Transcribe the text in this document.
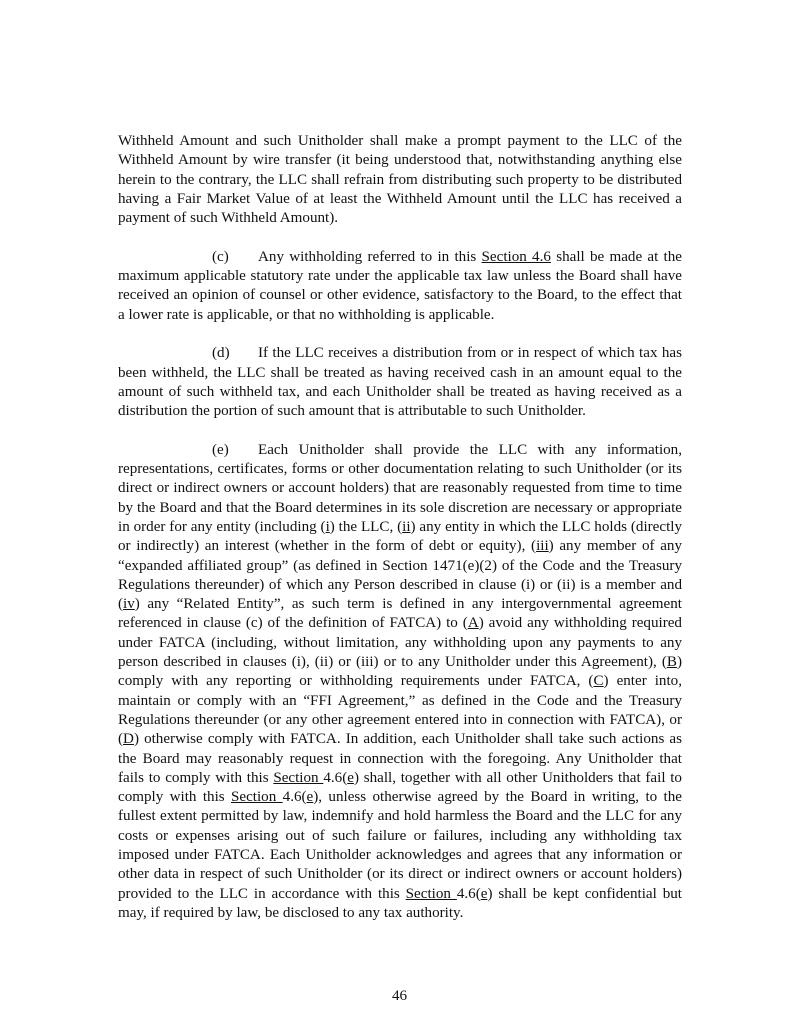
Withheld Amount and such Unitholder shall make a prompt payment to the LLC of the Withheld Amount by wire transfer (it being understood that, notwithstanding anything else herein to the contrary, the LLC shall refrain from distributing such property to be distributed having a Fair Market Value of at least the Withheld Amount until the LLC has received a payment of such Withheld Amount).

(c) Any withholding referred to in this Section 4.6 shall be made at the maximum applicable statutory rate under the applicable tax law unless the Board shall have received an opinion of counsel or other evidence, satisfactory to the Board, to the effect that a lower rate is applicable, or that no withholding is applicable.

(d) If the LLC receives a distribution from or in respect of which tax has been withheld, the LLC shall be treated as having received cash in an amount equal to the amount of such withheld tax, and each Unitholder shall be treated as having received as a distribution the portion of such amount that is attributable to such Unitholder.

(e) Each Unitholder shall provide the LLC with any information, representations, certificates, forms or other documentation relating to such Unitholder (or its direct or indirect owners or account holders) that are reasonably requested from time to time by the Board and that the Board determines in its sole discretion are necessary or appropriate in order for any entity (including (i) the LLC, (ii) any entity in which the LLC holds (directly or indirectly) an interest (whether in the form of debt or equity), (iii) any member of any “expanded affiliated group” (as defined in Section 1471(e)(2) of the Code and the Treasury Regulations thereunder) of which any Person described in clause (i) or (ii) is a member and (iv) any “Related Entity”, as such term is defined in any intergovernmental agreement referenced in clause (c) of the definition of FATCA) to (A) avoid any withholding required under FATCA (including, without limitation, any withholding upon any payments to any person described in clauses (i), (ii) or (iii) or to any Unitholder under this Agreement), (B) comply with any reporting or withholding requirements under FATCA, (C) enter into, maintain or comply with an “FFI Agreement,” as defined in the Code and the Treasury Regulations thereunder (or any other agreement entered into in connection with FATCA), or (D) otherwise comply with FATCA. In addition, each Unitholder shall take such actions as the Board may reasonably request in connection with the foregoing. Any Unitholder that fails to comply with this Section 4.6(e) shall, together with all other Unitholders that fail to comply with this Section 4.6(e), unless otherwise agreed by the Board in writing, to the fullest extent permitted by law, indemnify and hold harmless the Board and the LLC for any costs or expenses arising out of such failure or failures, including any withholding tax imposed under FATCA. Each Unitholder acknowledges and agrees that any information or other data in respect of such Unitholder (or its direct or indirect owners or account holders) provided to the LLC in accordance with this Section 4.6(e) shall be kept confidential but may, if required by law, be disclosed to any tax authority.

46
